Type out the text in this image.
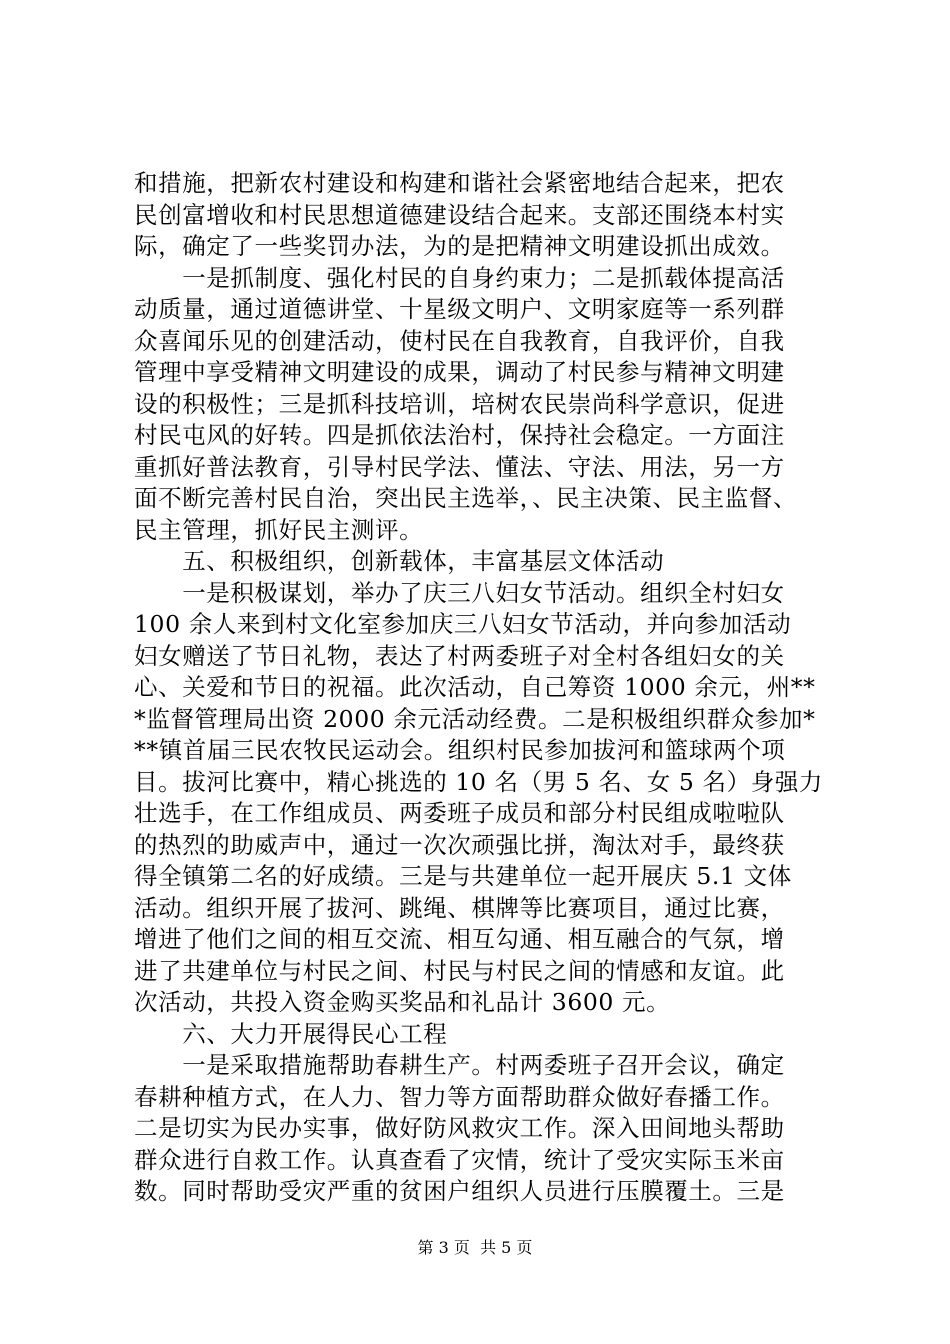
和措施，把新农村建设和构建和谐社会紧密地结合起来，把农
民创富增收和村民思想道德建设结合起来。支部还围绕本村实
际，确定了一些奖罚办法，为的是把精神文明建设抓出成效。
　　一是抓制度、强化村民的自身约束力；二是抓载体提高活
动质量，通过道德讲堂、十星级文明户、文明家庭等一系列群
众喜闻乐见的创建活动，使村民在自我教育，自我评价，自我
管理中享受精神文明建设的成果，调动了村民参与精神文明建
设的积极性；三是抓科技培训，培树农民崇尚科学意识，促进
村民屯风的好转。四是抓依法治村，保持社会稳定。一方面注
重抓好普法教育，引导村民学法、懂法、守法、用法，另一方
面不断完善村民自治，突出民主选举，、民主决策、民主监督、
民主管理，抓好民主测评。
　　五、积极组织，创新载体，丰富基层文体活动
　　一是积极谋划，举办了庆三八妇女节活动。组织全村妇女
100 余人来到村文化室参加庆三八妇女节活动，并向参加活动
妇女赠送了节日礼物，表达了村两委班子对全村各组妇女的关
心、关爱和节日的祝福。此次活动，自己筹资 1000 余元，州**
*监督管理局出资 2000 余元活动经费。二是积极组织群众参加*
**镇首届三民农牧民运动会。组织村民参加拔河和篮球两个项
目。拔河比赛中，精心挑选的 10 名（男 5 名、女 5 名）身强力
壮选手，在工作组成员、两委班子成员和部分村民组成啦啦队
的热烈的助威声中，通过一次次顽强比拼，淘汰对手，最终获
得全镇第二名的好成绩。三是与共建单位一起开展庆 5.1 文体
活动。组织开展了拔河、跳绳、棋牌等比赛项目，通过比赛，
增进了他们之间的相互交流、相互勾通、相互融合的气氛，增
进了共建单位与村民之间、村民与村民之间的情感和友谊。此
次活动，共投入资金购买奖品和礼品计 3600 元。
　　六、大力开展得民心工程
　　一是采取措施帮助春耕生产。村两委班子召开会议，确定
春耕种植方式，在人力、智力等方面帮助群众做好春播工作。
二是切实为民办实事，做好防风救灾工作。深入田间地头帮助
群众进行自救工作。认真查看了灾情，统计了受灾实际玉米亩
数。同时帮助受灾严重的贫困户组织人员进行压膜覆土。三是
第 3 页  共 5 页
